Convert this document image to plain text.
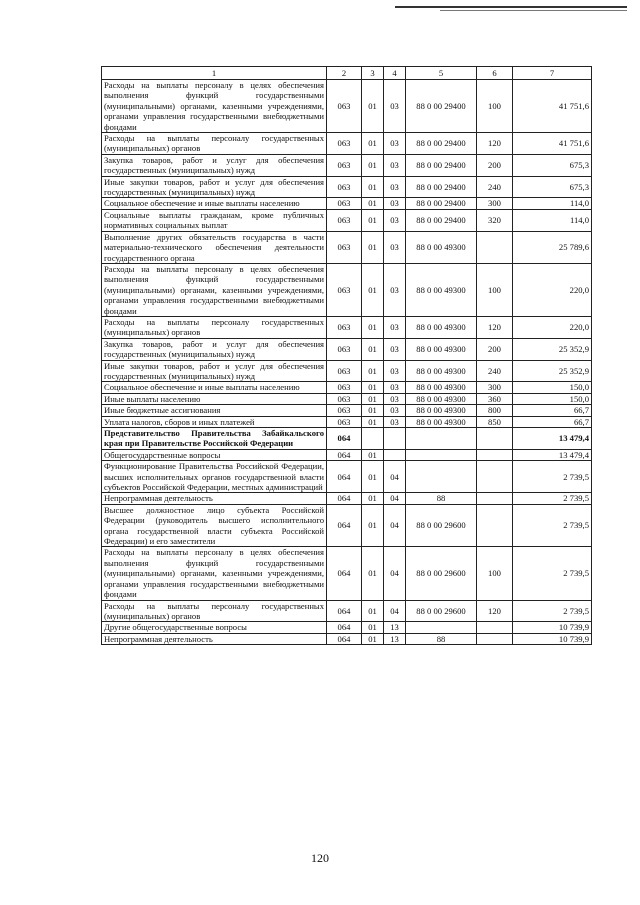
1	2	3	4	5	6	7
Расходы на выплаты персоналу в целях обеспечения выполнения функций государственными (муниципальными) органами, казенными учреждениями, органами управления государственными внебюджетными фондами	063	01	03	88 0 00 29400	100	41 751,6
Расходы на выплаты персоналу государственных (муниципальных) органов	063	01	03	88 0 00 29400	120	41 751,6
Закупка товаров, работ и услуг для обеспечения государственных (муниципальных) нужд	063	01	03	88 0 00 29400	200	675,3
Иные закупки товаров, работ и услуг для обеспечения государственных (муниципальных) нужд	063	01	03	88 0 00 29400	240	675,3
Социальное обеспечение и иные выплаты населению	063	01	03	88 0 00 29400	300	114,0
Социальные выплаты гражданам, кроме публичных нормативных социальных выплат	063	01	03	88 0 00 29400	320	114,0
Выполнение других обязательств государства в части материально-технического обеспечения деятельности государственного органа	063	01	03	88 0 00 49300		25 789,6
Расходы на выплаты персоналу в целях обеспечения выполнения функций государственными (муниципальными) органами, казенными учреждениями, органами управления государственными внебюджетными фондами	063	01	03	88 0 00 49300	100	220,0
Расходы на выплаты персоналу государственных (муниципальных) органов	063	01	03	88 0 00 49300	120	220,0
Закупка товаров, работ и услуг для обеспечения государственных (муниципальных) нужд	063	01	03	88 0 00 49300	200	25 352,9
Иные закупки товаров, работ и услуг для обеспечения государственных (муниципальных) нужд	063	01	03	88 0 00 49300	240	25 352,9
Социальное обеспечение и иные выплаты населению	063	01	03	88 0 00 49300	300	150,0
Иные выплаты населению	063	01	03	88 0 00 49300	360	150,0
Иные бюджетные ассигнования	063	01	03	88 0 00 49300	800	66,7
Уплата налогов, сборов и иных платежей	063	01	03	88 0 00 49300	850	66,7
Представительство Правительства Забайкальского края при Правительстве Российской Федерации	064					13 479,4
Общегосударственные вопросы	064	01				13 479,4
Функционирование Правительства Российской Федерации, высших исполнительных органов государственной власти субъектов Российской Федерации, местных администраций	064	01	04			2 739,5
Непрограммная деятельность	064	01	04	88		2 739,5
Высшее должностное лицо субъекта Российской Федерации (руководитель высшего исполнительного органа государственной власти субъекта Российской Федерации) и его заместители	064	01	04	88 0 00 29600		2 739,5
Расходы на выплаты персоналу в целях обеспечения выполнения функций государственными (муниципальными) органами, казенными учреждениями, органами управления государственными внебюджетными фондами	064	01	04	88 0 00 29600	100	2 739,5
Расходы на выплаты персоналу государственных (муниципальных) органов	064	01	04	88 0 00 29600	120	2 739,5
Другие общегосударственные вопросы	064	01	13			10 739,9
Непрограммная деятельность	064	01	13	88		10 739,9
120
